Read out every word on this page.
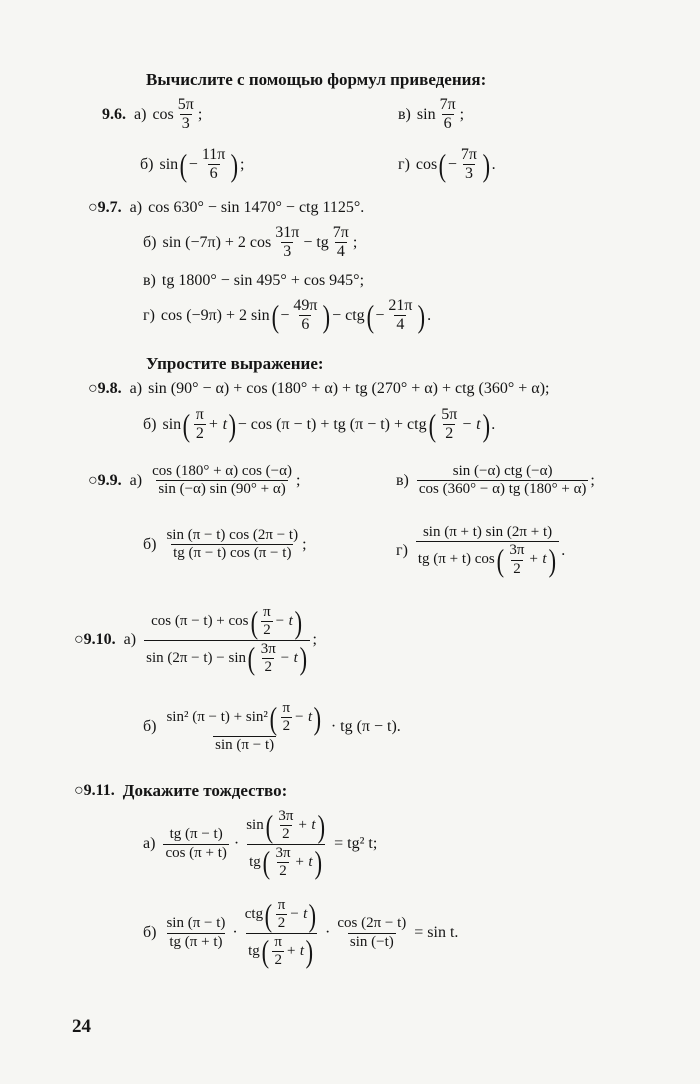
Вычислите с помощью формул приведения:
9.6. а) $\cos \frac{5\pi}{3}$ ;	в) $\sin \frac{7\pi}{6}$ ;
б) sin ( − $\frac{11\pi}{6}$ ) ;	г) cos ( − $\frac{7\pi}{3}$ ) .
○9.7. а) cos 630° − sin 1470° − ctg 1125°.
б) sin (−7π) + 2 $\cos \frac{31\pi}{3}$ − tg $\frac{7\pi}{4}$ ;
в) tg 1800° − sin 495° + cos 945°;
г) cos (−9π) + 2 sin ( − $\frac{49\pi}{6}$ ) − ctg ( − $\frac{21\pi}{4}$ ) .
Упростите выражение:
○9.8. а) sin (90° − α) + cos (180° + α) + tg (270° + α) + ctg (360° + α);
б) sin ( $\frac{\pi}{2} + t$ ) − cos (π − t) + tg (π − t) + ctg ( $\frac{5\pi}{2} - t$ ) .
○9.9. $а) \frac{\cos (180^\circ + \alpha) \cos (-\alpha)}{\sin (-\alpha) \sin (90^\circ + \alpha)}$ ;	$в) \frac{\text{sin (−α) ctg (−α)}}{\cos (360^\circ - \alpha) tg (180^\circ + \alpha)}$ ;
$б) \frac{\sin (\pi - t) \cos (2\pi - t)}{tg (\pi - t) \cos (\pi - t)}$ ;	$г) \frac{\sin (\pi + t) \sin (2\pi + t)}{tg (\pi + t) \cos ( \frac{3\pi}{2} + t )}$ .
○9.10. $а) \frac{\cos (\pi - t) + \cos ( \frac{\pi}{2} - t )}{\sin (2\pi - t) - \sin ( \frac{3\pi}{2} - t )}$ ;
$б) \frac{\sin^2 (\pi - t) + \sin^2 ( \frac{\pi}{2} - t )}{\sin (\pi - t)}$ · tg (π − t).
○9.11. Докажите тождество:
$а) \frac{tg (\pi - t)}{\cos (\pi + t)} \cdot \frac{\sin ( \frac{3\pi}{2} + t )}{tg ( \frac{3\pi}{2} + t )} = tg^2$ t;
$б) \frac{\sin (\pi - t)}{tg (\pi + t)} \cdot \frac{ctg ( \frac{\pi}{2} - t )}{tg ( \frac{\pi}{2} + t )} \cdot \frac{\cos (2\pi - t)}{\sin (-t)} = \sin t$.
24
